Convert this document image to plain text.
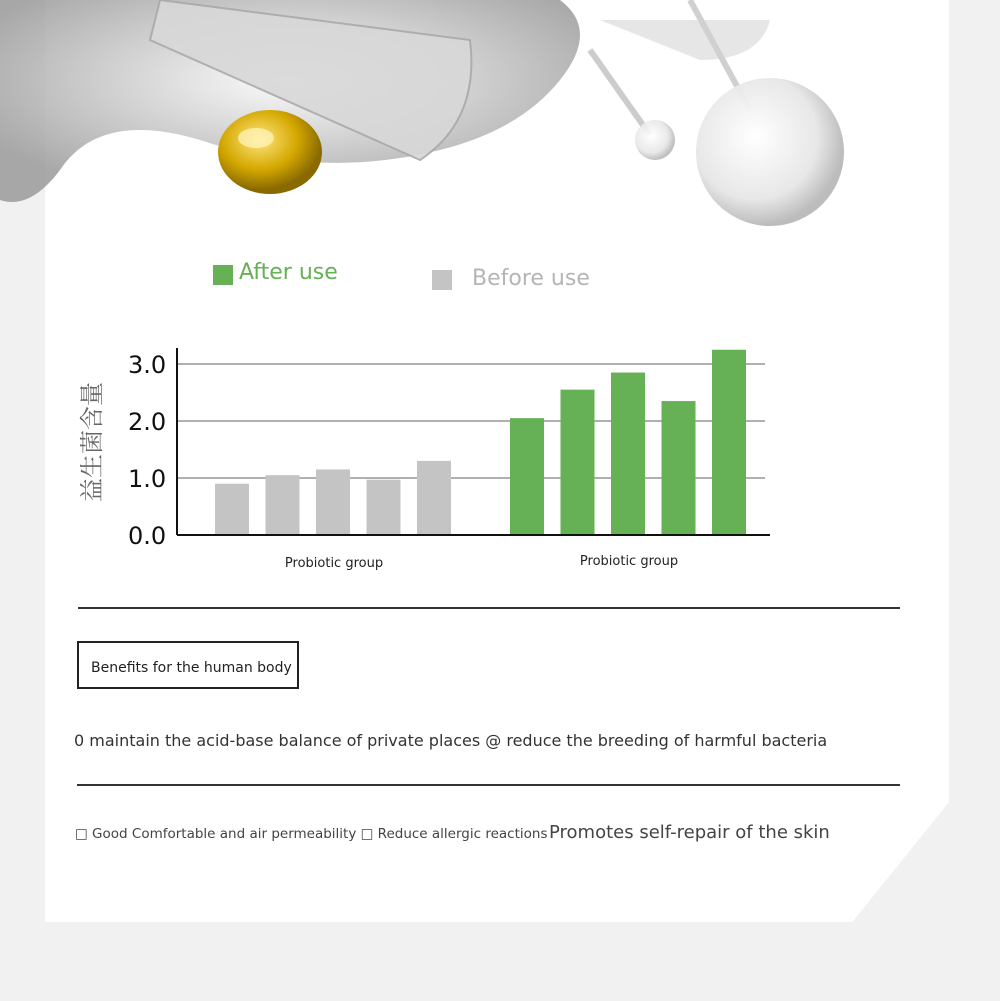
After use	Before use
0.0
1.0
2.0
3.0
益生菌含量
Probiotic group	Probiotic group
Benefits for the human body
0 maintain the acid-base balance of private places @ reduce the breeding of harmful bacteria
□ Good Comfortable and air permeability □ Reduce allergic reactions Promotes self-repair of the skin
